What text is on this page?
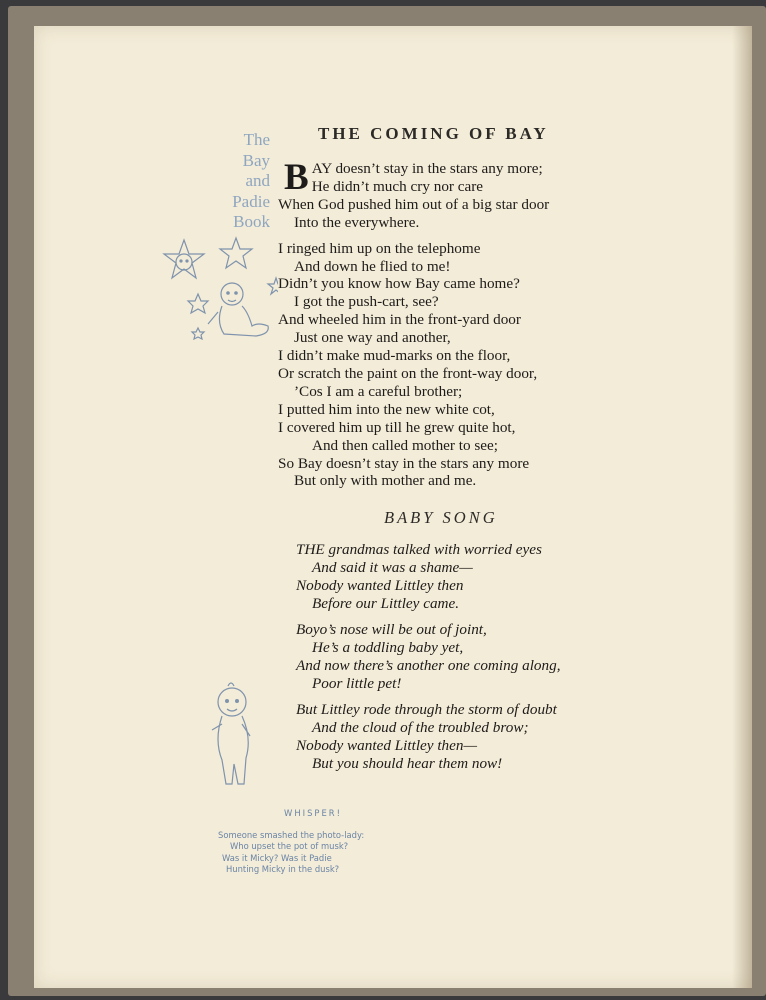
The
Bay
and
Padie
Book
THE COMING OF BAY
B AY doesn’t stay in the stars any more;
He didn’t much cry nor care
When God pushed him out of a big star door
Into the everywhere.
I ringed him up on the telephome
And down he flied to me!
Didn’t you know how Bay came home?
I got the push-cart, see?
And wheeled him in the front-yard door
Just one way and another,
I didn’t make mud-marks on the floor,
Or scratch the paint on the front-way door,
’Cos I am a careful brother;
I putted him into the new white cot,
I covered him up till he grew quite hot,
And then called mother to see;
So Bay doesn’t stay in the stars any more
But only with mother and me.
BABY SONG
THE grandmas talked with worried eyes
And said it was a shame—
Nobody wanted Littley then
Before our Littley came.
Boyo’s nose will be out of joint,
He’s a toddling baby yet,
And now there’s another one coming along,
Poor little pet!
But Littley rode through the storm of doubt
And the cloud of the troubled brow;
Nobody wanted Littley then—
But you should hear them now!
WHISPER!
Someone smashed the photo-lady:
Who upset the pot of musk?
Was it Micky? Was it Padie
Hunting Micky in the dusk?
